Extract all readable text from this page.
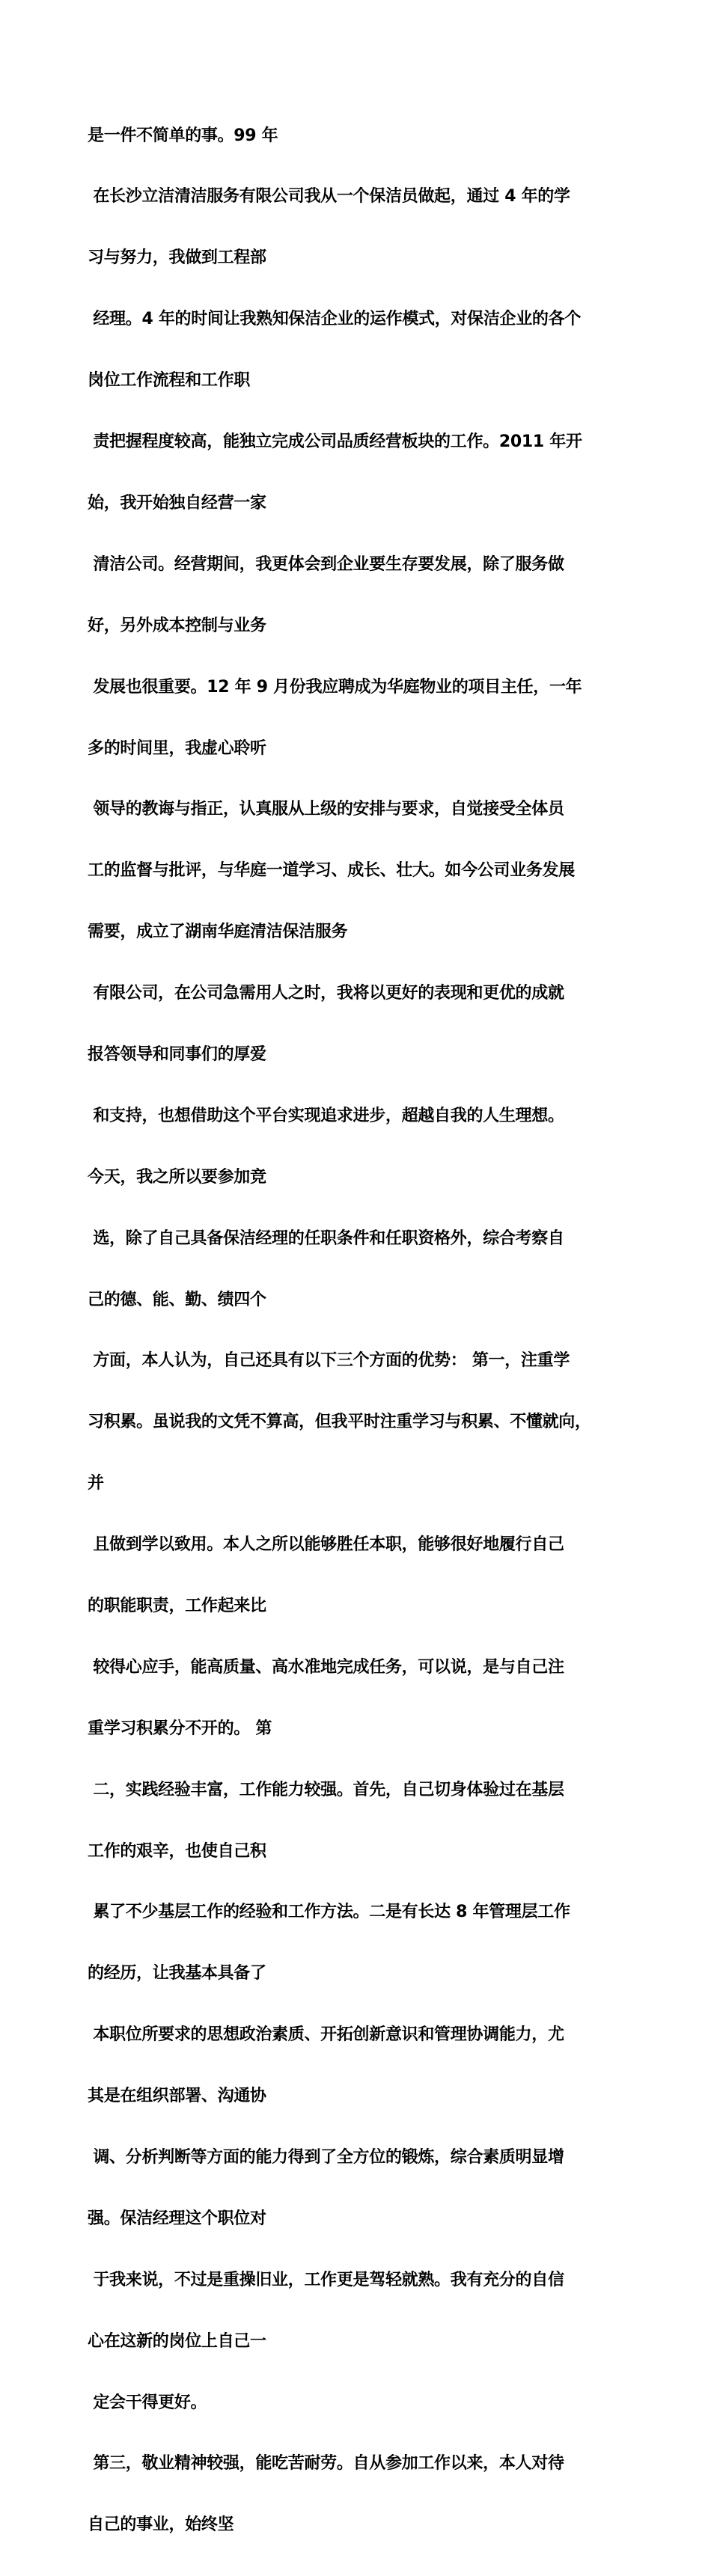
是一件不简单的事。99 年

在长沙立洁清洁服务有限公司我从一个保洁员做起，通过 4 年的学

习与努力，我做到工程部

经理。4 年的时间让我熟知保洁企业的运作模式，对保洁企业的各个

岗位工作流程和工作职

责把握程度较高，能独立完成公司品质经营板块的工作。2011 年开

始，我开始独自经营一家

清洁公司。经营期间，我更体会到企业要生存要发展，除了服务做

好，另外成本控制与业务

发展也很重要。12 年 9 月份我应聘成为华庭物业的项目主任，一年

多的时间里，我虚心聆听

领导的教诲与指正，认真服从上级的安排与要求，自觉接受全体员

工的监督与批评，与华庭一道学习、成长、壮大。如今公司业务发展

需要，成立了湖南华庭清洁保洁服务

有限公司，在公司急需用人之时，我将以更好的表现和更优的成就

报答领导和同事们的厚爱

和支持，也想借助这个平台实现追求进步，超越自我的人生理想。

今天，我之所以要参加竞

选，除了自己具备保洁经理的任职条件和任职资格外，综合考察自

己的德、能、勤、绩四个

方面，本人认为，自己还具有以下三个方面的优势： 第一，注重学

习积累。虽说我的文凭不算高，但我平时注重学习与积累、不懂就向，

并

且做到学以致用。本人之所以能够胜任本职，能够很好地履行自己

的职能职责，工作起来比

较得心应手，能高质量、高水准地完成任务，可以说，是与自己注

重学习积累分不开的。 第

二，实践经验丰富，工作能力较强。首先，自己切身体验过在基层

工作的艰辛，也使自己积

累了不少基层工作的经验和工作方法。二是有长达 8 年管理层工作

的经历，让我基本具备了

本职位所要求的思想政治素质、开拓创新意识和管理协调能力，尤

其是在组织部署、沟通协

调、分析判断等方面的能力得到了全方位的锻炼，综合素质明显增

强。保洁经理这个职位对

于我来说，不过是重操旧业，工作更是驾轻就熟。我有充分的自信

心在这新的岗位上自己一

定会干得更好。

第三，敬业精神较强，能吃苦耐劳。自从参加工作以来，本人对待

自己的事业，始终坚
